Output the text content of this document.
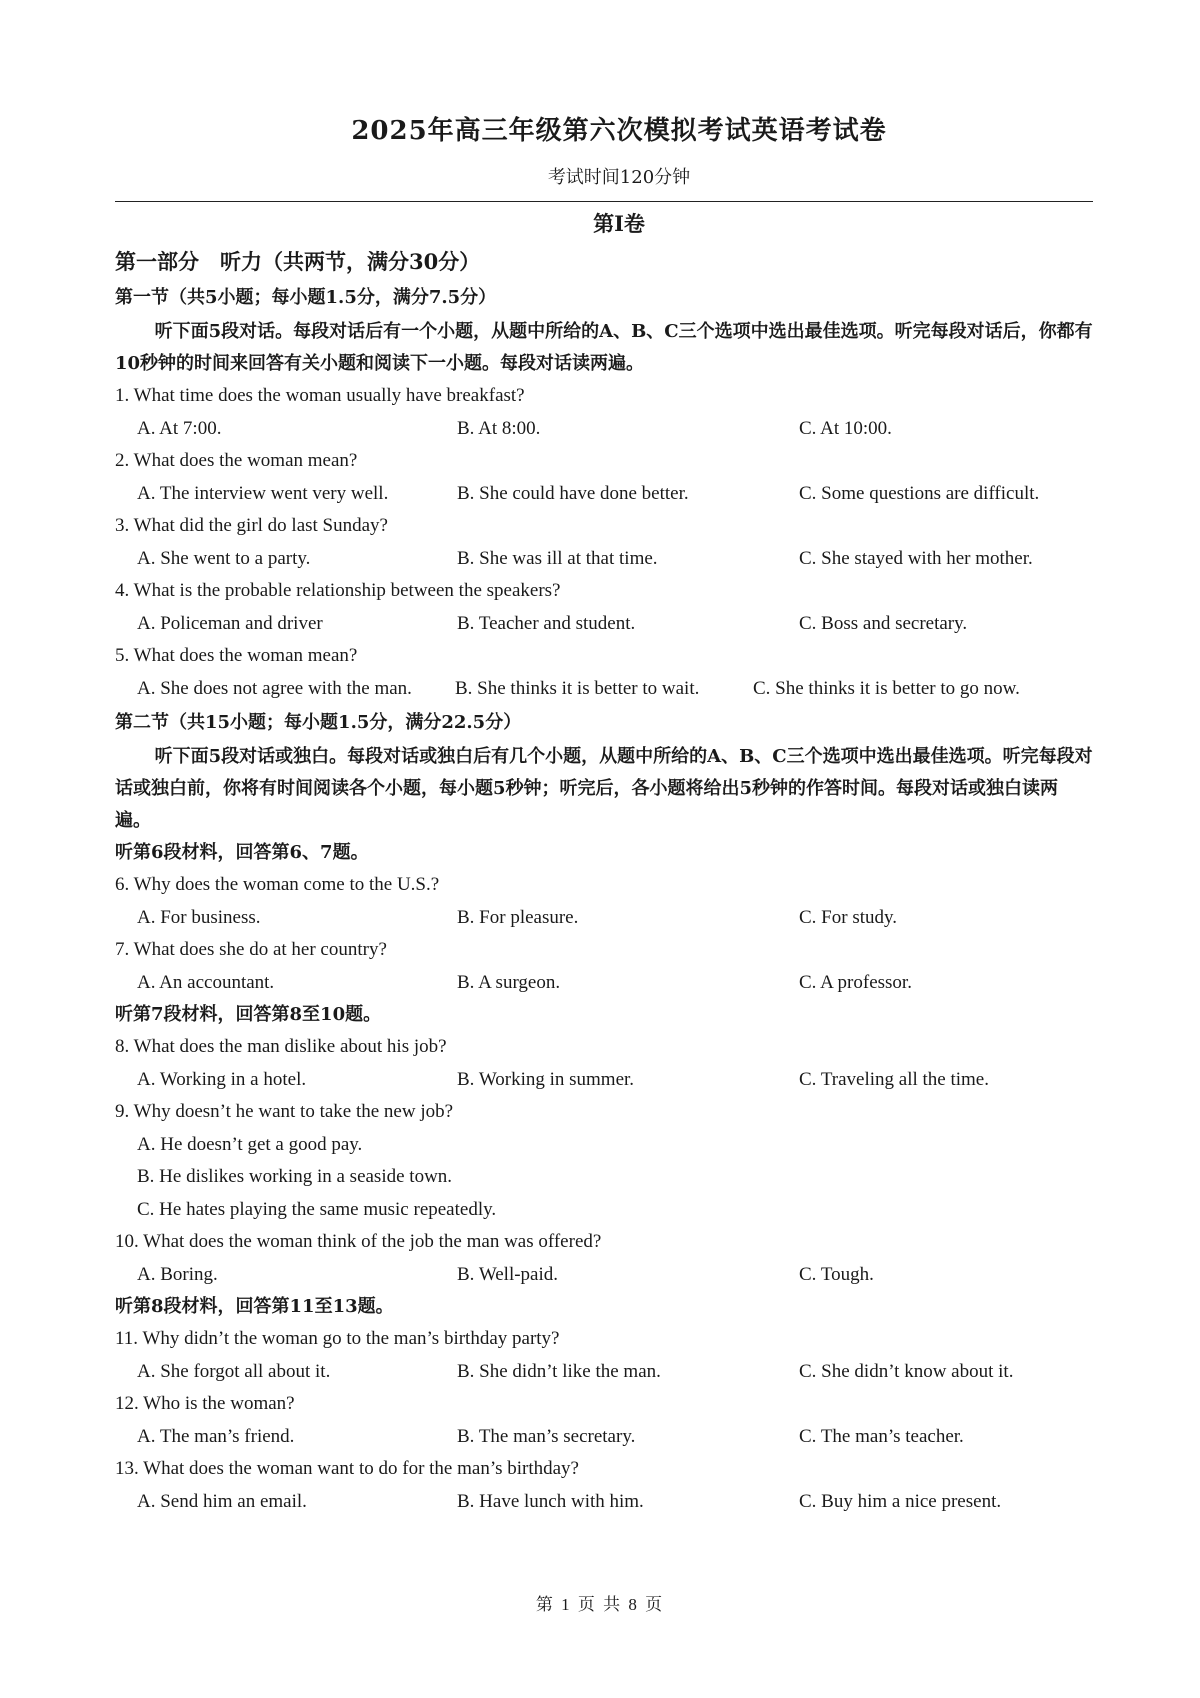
2025年高三年级第六次模拟考试英语考试卷
考试时间120分钟
第Ⅰ卷
第一部分　听力（共两节，满分30分）
第一节（共5小题；每小题1.5分，满分7.5分）

听下面5段对话。每段对话后有一个小题，从题中所给的A、B、C三个选项中选出最佳选项。听完每段对话后，你都有10秒钟的时间来回答有关小题和阅读下一小题。每段对话读两遍。

1. What time does the woman usually have breakfast?

A. At 7:00.	B. At 8:00.	C. At 10:00.

2. What does the woman mean?

A. The interview went very well.	B. She could have done better.	C. Some questions are difficult.

3. What did the girl do last Sunday?

A. She went to a party.	B. She was ill at that time.	C. She stayed with her mother.

4. What is the probable relationship between the speakers?

A. Policeman and driver	B. Teacher and student.	C. Boss and secretary.

5. What does the woman mean?

A. She does not agree with the man.	B. She thinks it is better to wait.	C. She thinks it is better to go now.
第二节（共15小题；每小题1.5分，满分22.5分）

听下面5段对话或独白。每段对话或独白后有几个小题，从题中所给的A、B、C三个选项中选出最佳选项。听完每段对话或独白前，你将有时间阅读各个小题，每小题5秒钟；听完后，各小题将给出5秒钟的作答时间。每段对话或独白读两遍。

听第6段材料，回答第6、7题。

6. Why does the woman come to the U.S.?

A. For business.	B. For pleasure.	C. For study.

7. What does she do at her country?

A. An accountant.	B. A surgeon.	C. A professor.

听第7段材料，回答第8至10题。

8. What does the man dislike about his job?

A. Working in a hotel.	B. Working in summer.	C. Traveling all the time.

9. Why doesn’t he want to take the new job?

A. He doesn’t get a good pay.
B. He dislikes working in a seaside town.
C. He hates playing the same music repeatedly.

10. What does the woman think of the job the man was offered?

A. Boring.	B. Well-paid.	C. Tough.

听第8段材料，回答第11至13题。

11. Why didn’t the woman go to the man’s birthday party?

A. She forgot all about it.	B. She didn’t like the man.	C. She didn’t know about it.

12. Who is the woman?

A. The man’s friend.	B. The man’s secretary.	C. The man’s teacher.

13. What does the woman want to do for the man’s birthday?

A. Send him an email.	B. Have lunch with him.	C. Buy him a nice present.
第 1 页 共 8 页
